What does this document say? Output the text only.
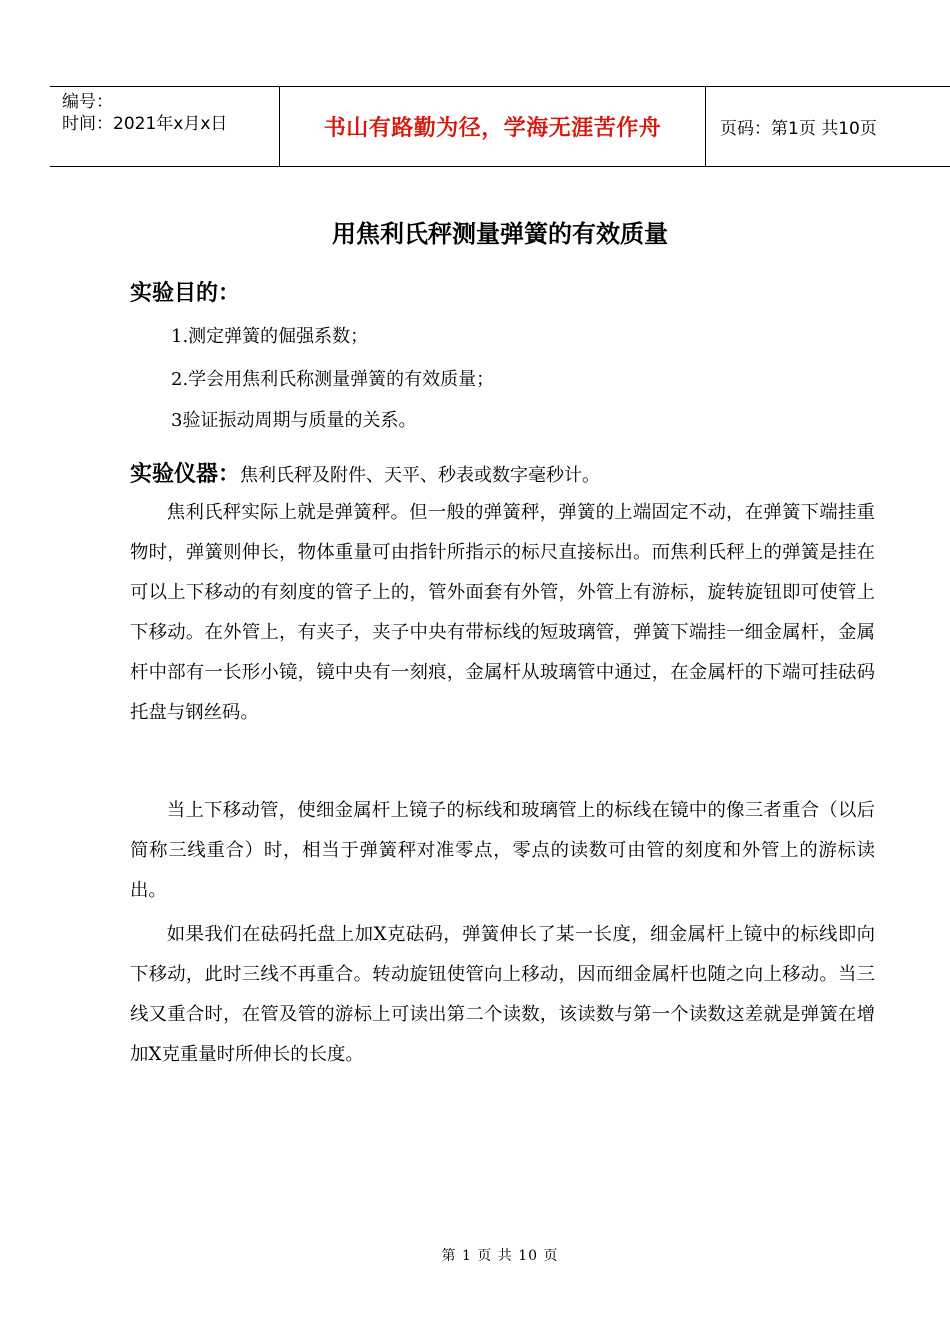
编号：
时间：2021年x月x日	书山有路勤为径，学海无涯苦作舟	页码：第1页 共10页
用焦利氏秤测量弹簧的有效质量
实验目的：
1.测定弹簧的倔强系数；
2.学会用焦利氏称测量弹簧的有效质量；
3验证振动周期与质量的关系。
实验仪器：焦利氏秤及附件、天平、秒表或数字毫秒计。

焦利氏秤实际上就是弹簧秤。但一般的弹簧秤，弹簧的上端固定不动，在弹簧下端挂重物时，弹簧则伸长，物体重量可由指针所指示的标尺直接标出。而焦利氏秤上的弹簧是挂在可以上下移动的有刻度的管子上的，管外面套有外管，外管上有游标，旋转旋钮即可使管上下移动。在外管上，有夹子，夹子中央有带标线的短玻璃管，弹簧下端挂一细金属杆，金属杆中部有一长形小镜，镜中央有一刻痕，金属杆从玻璃管中通过，在金属杆的下端可挂砝码托盘与钢丝码。

当上下移动管，使细金属杆上镜子的标线和玻璃管上的标线在镜中的像三者重合（以后简称三线重合）时，相当于弹簧秤对准零点，零点的读数可由管的刻度和外管上的游标读出。

如果我们在砝码托盘上加X克砝码，弹簧伸长了某一长度，细金属杆上镜中的标线即向下移动，此时三线不再重合。转动旋钮使管向上移动，因而细金属杆也随之向上移动。当三线又重合时，在管及管的游标上可读出第二个读数，该读数与第一个读数这差就是弹簧在增加X克重量时所伸长的长度。

第 1 页 共 10 页
